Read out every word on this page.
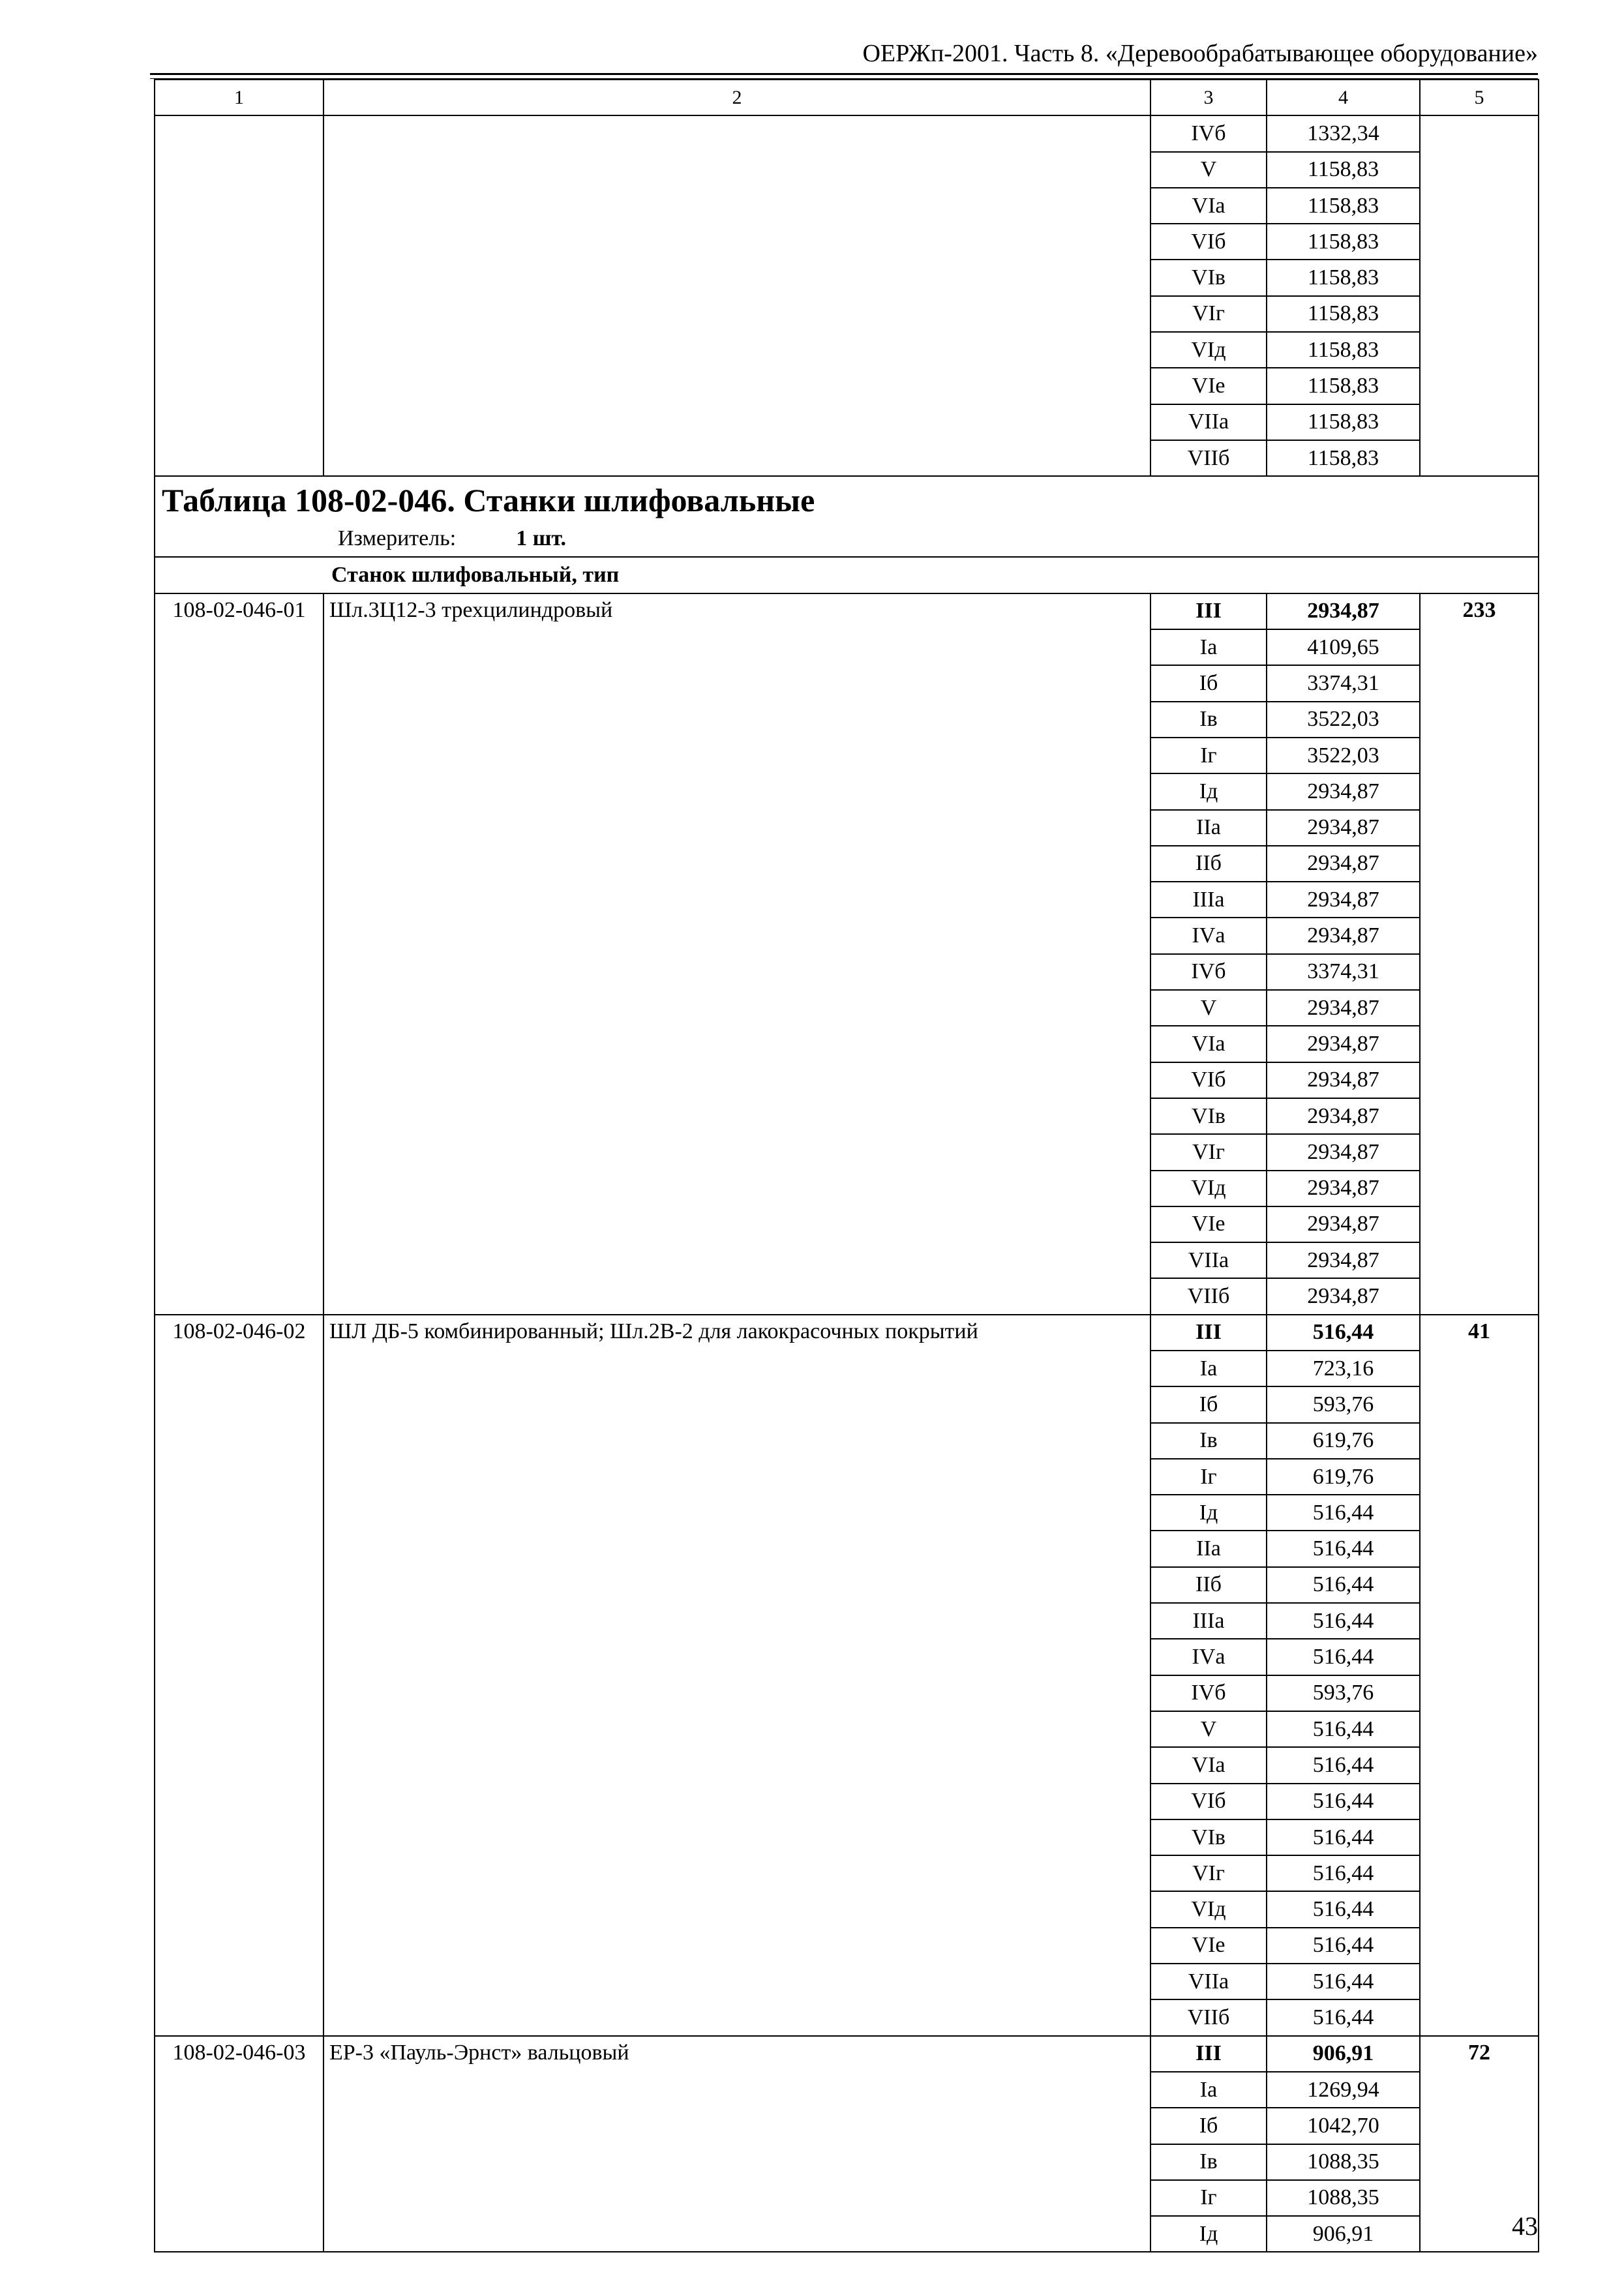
ОЕРЖп-2001. Часть 8. «Деревообрабатывающее оборудование»
1	2	3	4	5
		IVб	1332,34	
		V	1158,83	
		VIа	1158,83	
		VIб	1158,83	
		VIв	1158,83	
		VIг	1158,83	
		VIд	1158,83	
		VIе	1158,83	
		VIIа	1158,83	
		VIIб	1158,83	

Таблица 108-02-046. Станки шлифовальные
Измеритель: 1 шт.				

Станок шлифовальный, тип				
108-02-046-01	Шл.3Ц12-3 трехцилиндровый	III	2934,87	233
		Iа	4109,65	
		Iб	3374,31	
		Iв	3522,03	
		Iг	3522,03	
		Iд	2934,87	
		IIа	2934,87	
		IIб	2934,87	
		IIIа	2934,87	
		IVа	2934,87	
		IVб	3374,31	
		V	2934,87	
		VIа	2934,87	
		VIб	2934,87	
		VIв	2934,87	
		VIг	2934,87	
		VIд	2934,87	
		VIе	2934,87	
		VIIа	2934,87	
		VIIб	2934,87	
108-02-046-02	ШЛ ДБ-5 комбинированный; Шл.2В-2 для лакокрасочных покрытий	III	516,44	41
		Iа	723,16	
		Iб	593,76	
		Iв	619,76	
		Iг	619,76	
		Iд	516,44	
		IIа	516,44	
		IIб	516,44	
		IIIа	516,44	
		IVа	516,44	
		IVб	593,76	
		V	516,44	
		VIа	516,44	
		VIб	516,44	
		VIв	516,44	
		VIг	516,44	
		VIд	516,44	
		VIе	516,44	
		VIIа	516,44	
		VIIб	516,44	
108-02-046-03	ЕР-3 «Пауль-Эрнст» вальцовый	III	906,91	72
		Iа	1269,94	
		Iб	1042,70	
		Iв	1088,35	
		Iг	1088,35	
		Iд	906,91		43
